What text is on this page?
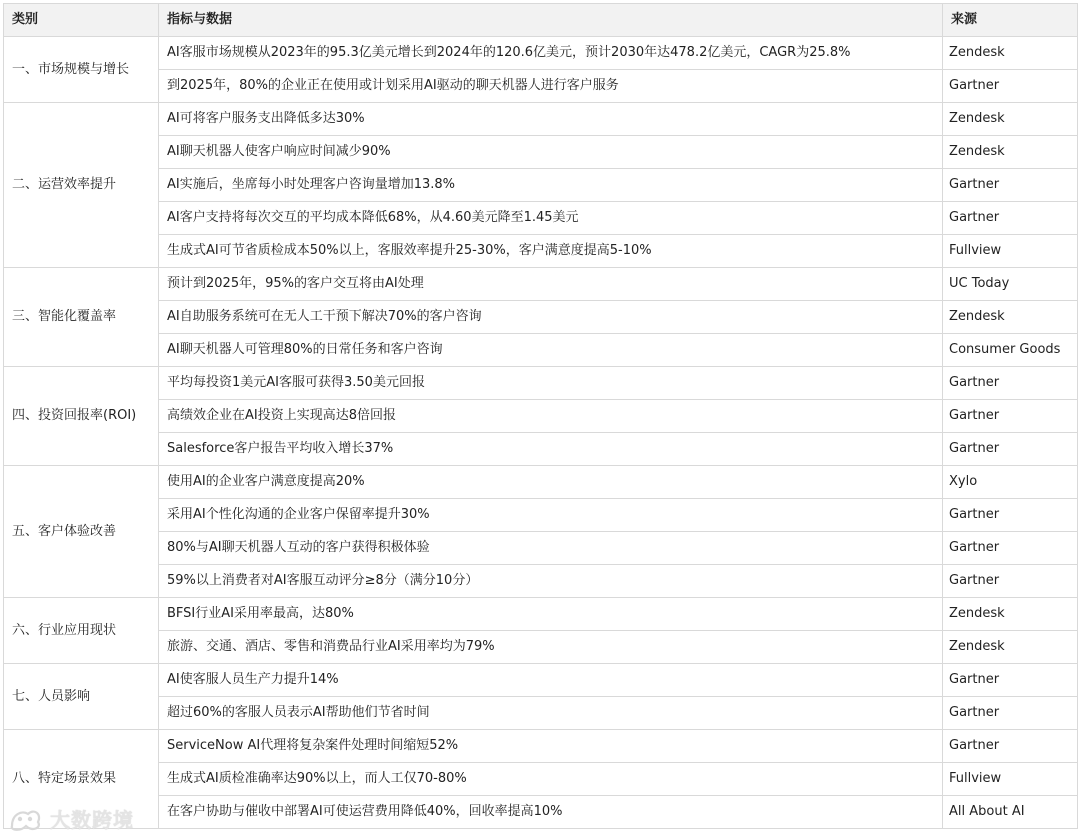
类别	指标与数据	来源
一、市场规模与增长	AI客服市场规模从2023年的95.3亿美元增长到2024年的120.6亿美元，预计2030年达478.2亿美元，CAGR为25.8%	Zendesk
	到2025年，80%的企业正在使用或计划采用AI驱动的聊天机器人进行客户服务	Gartner
二、运营效率提升	AI可将客户服务支出降低多达30%	Zendesk
	AI聊天机器人使客户响应时间减少90%	Zendesk
	AI实施后，坐席每小时处理客户咨询量增加13.8%	Gartner
	AI客户支持将每次交互的平均成本降低68%，从4.60美元降至1.45美元	Gartner
	生成式AI可节省质检成本50%以上，客服效率提升25-30%，客户满意度提高5-10%	Fullview
三、智能化覆盖率	预计到2025年，95%的客户交互将由AI处理	UC Today
	AI自助服务系统可在无人工干预下解决70%的客户咨询	Zendesk
	AI聊天机器人可管理80%的日常任务和客户咨询	Consumer Goods
四、投资回报率(ROI)	平均每投资1美元AI客服可获得3.50美元回报	Gartner
	高绩效企业在AI投资上实现高达8倍回报	Gartner
	Salesforce客户报告平均收入增长37%	Gartner
五、客户体验改善	使用AI的企业客户满意度提高20%	Xylo
	采用AI个性化沟通的企业客户保留率提升30%	Gartner
	80%与AI聊天机器人互动的客户获得积极体验	Gartner
	59%以上消费者对AI客服互动评分≥8分（满分10分）	Gartner
六、行业应用现状	BFSI行业AI采用率最高，达80%	Zendesk
	旅游、交通、酒店、零售和消费品行业AI采用率均为79%	Zendesk
七、人员影响	AI使客服人员生产力提升14%	Gartner
	超过60%的客服人员表示AI帮助他们节省时间	Gartner
八、特定场景效果	ServiceNow AI代理将复杂案件处理时间缩短52%	Gartner
	生成式AI质检准确率达90%以上，而人工仅70-80%	Fullview
	在客户协助与催收中部署AI可使运营费用降低40%，回收率提高10%	All About AI
大数跨境
